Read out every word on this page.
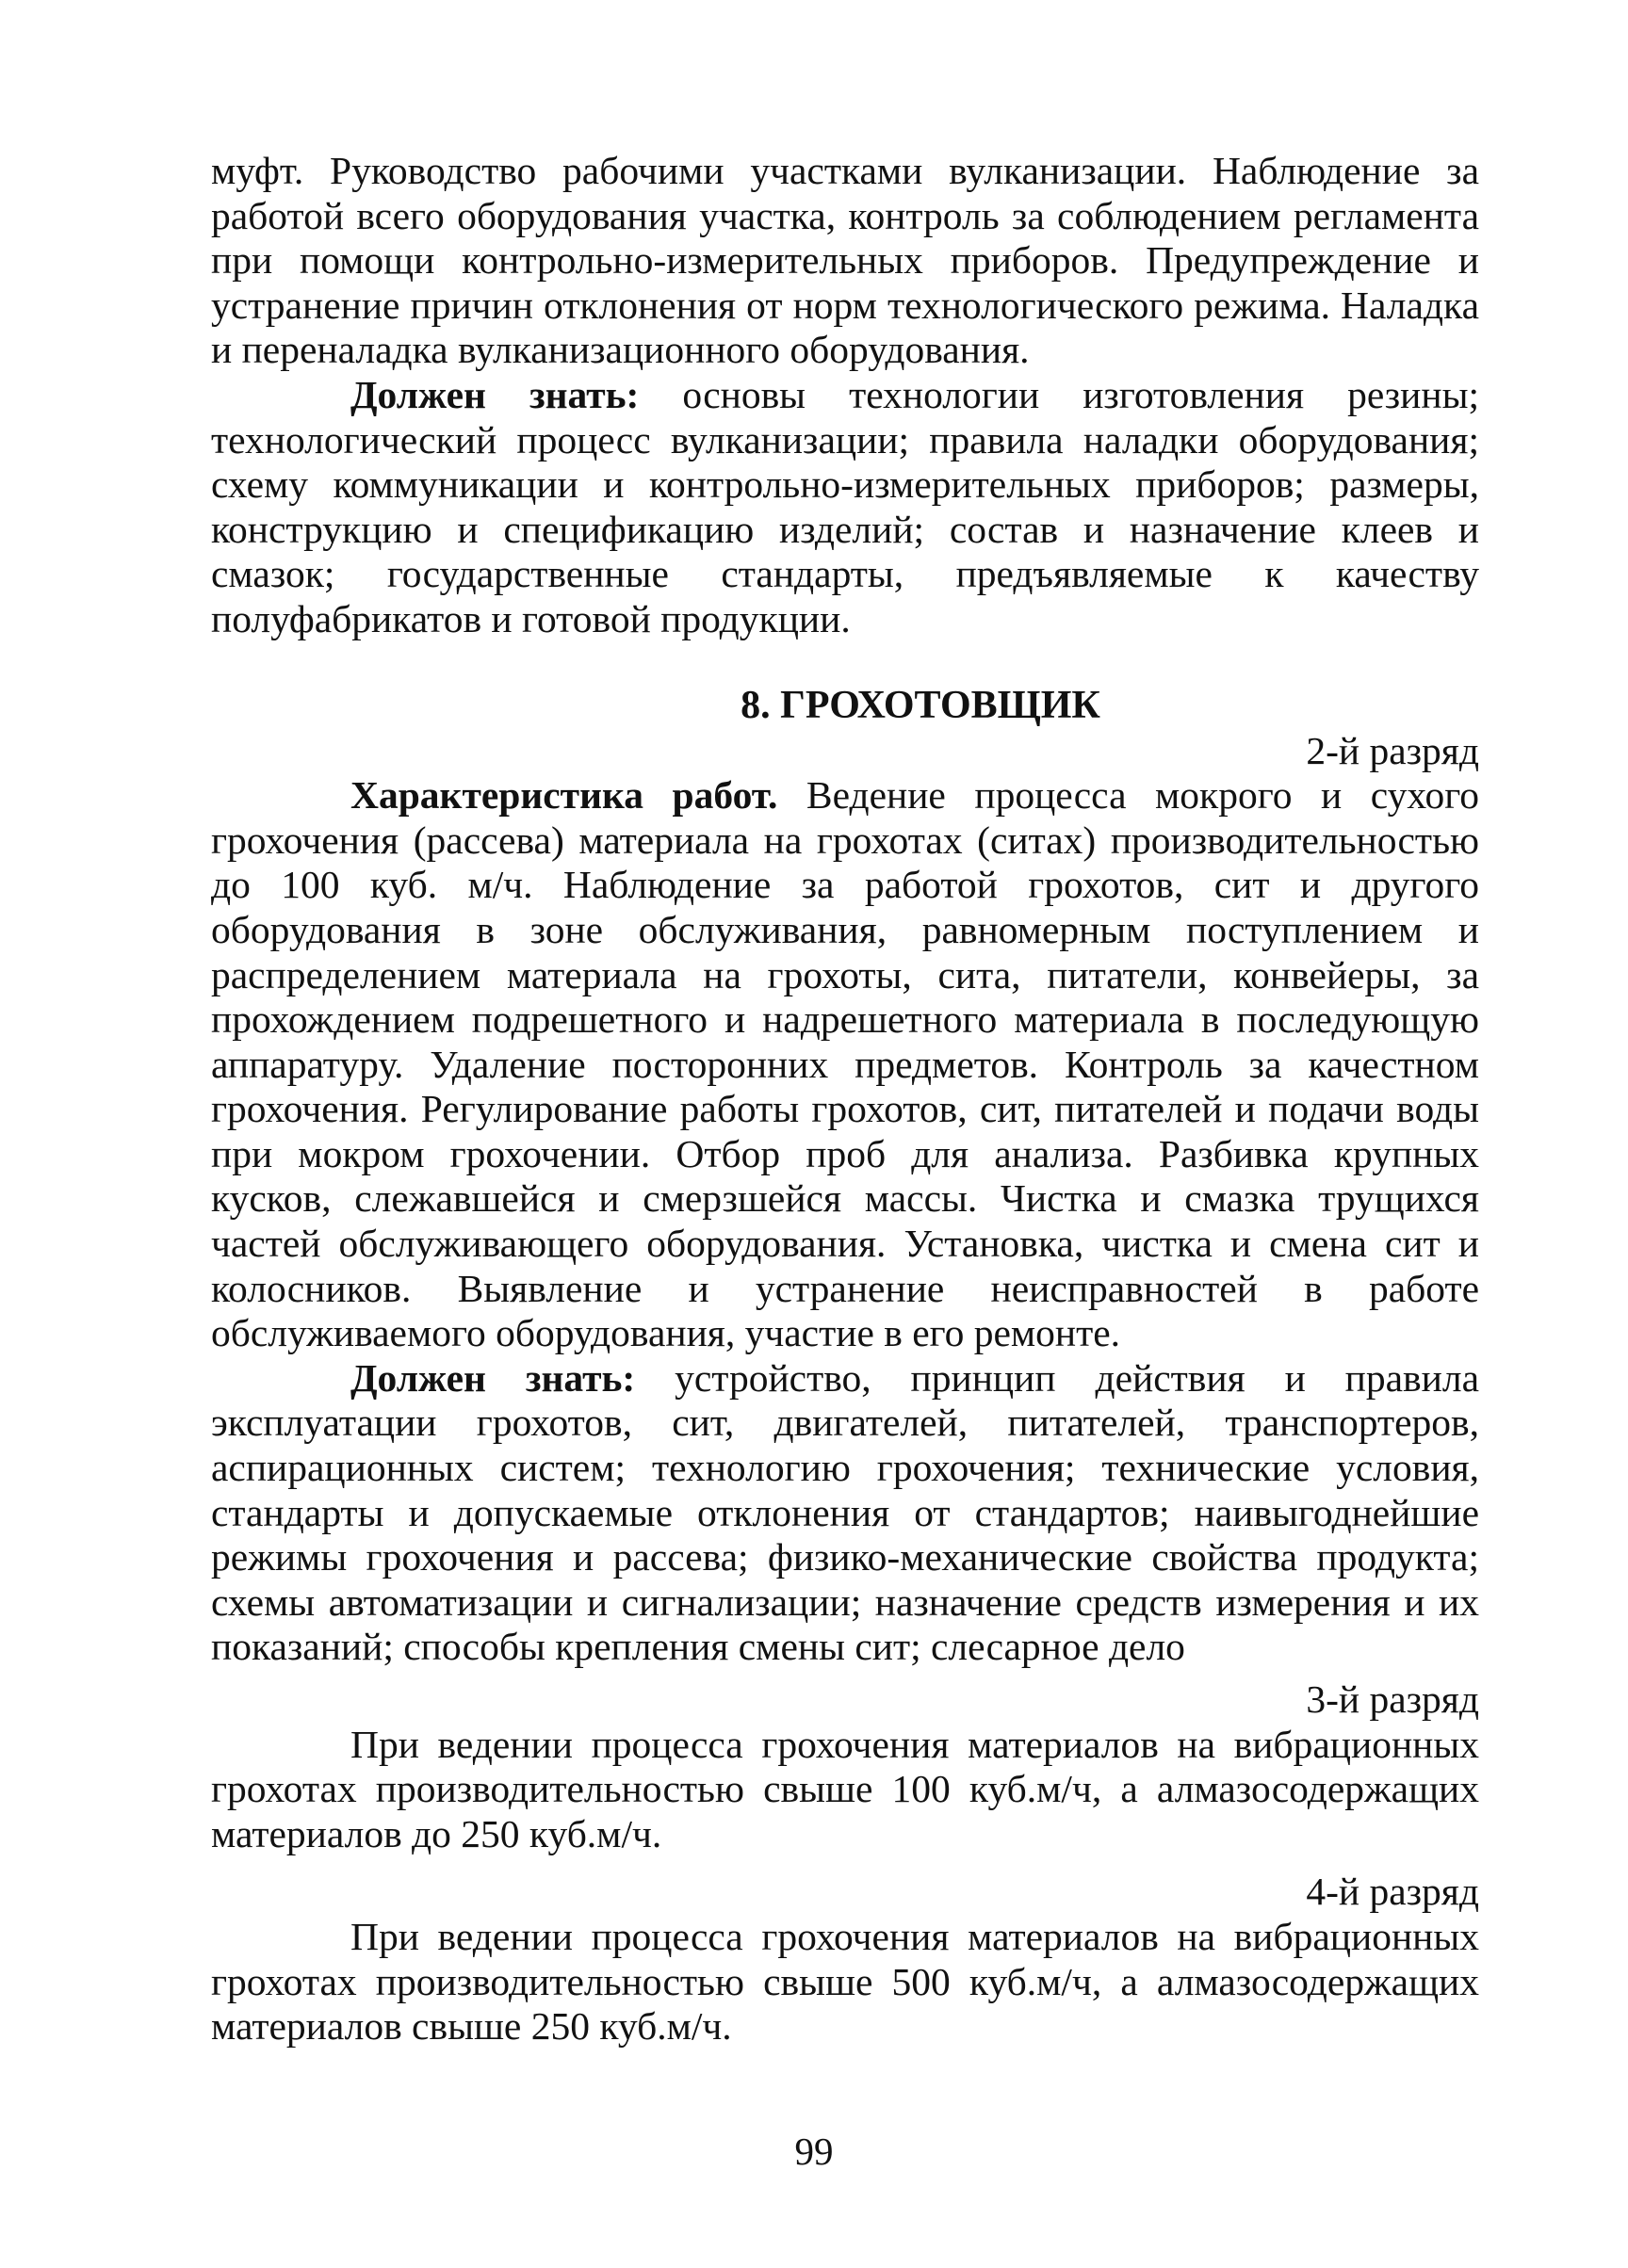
муфт. Руководство рабочими участками вулканизации. Наблюдение за работой всего оборудования участка, контроль за соблюдением регламента при помощи контрольно-измерительных приборов. Предупреждение и устранение причин отклонения от норм технологического режима. Наладка и переналадка вулканизационного оборудования.

Должен знать: основы технологии изготовления резины; технологический процесс вулканизации; правила наладки оборудования; схему коммуникации и контрольно-измерительных приборов; размеры, конструкцию и спецификацию изделий; состав и назначение клеев и смазок; государственные стандарты, предъявляемые к качеству полуфабрикатов и готовой продукции.

8. ГРОХОТОВЩИК

2-й разряд

Характеристика работ. Ведение процесса мокрого и сухого грохочения (рассева) материала на грохотах (ситах) производительностью до 100 куб. м/ч. Наблюдение за работой грохотов, сит и другого оборудования в зоне обслуживания, равномерным поступлением и распределением материала на грохоты, сита, питатели, конвейеры, за прохождением подрешетного и надрешетного материала в последующую аппаратуру. Удаление посторонних предметов. Контроль за качестном грохочения. Регулирование работы грохотов, сит, питателей и подачи воды при мокром грохочении. Отбор проб для анализа. Разбивка крупных кусков, слежавшейся и смерзшейся массы. Чистка и смазка трущихся частей обслуживающего оборудования. Установка, чистка и смена сит и колосников. Выявление и устранение неисправностей в работе обслуживаемого оборудования, участие в его ремонте.

Должен знать: устройство, принцип действия и правила эксплуатации грохотов, сит, двигателей, питателей, транспортеров, аспирационных систем; технологию грохочения; технические условия, стандарты и допускаемые отклонения от стандартов; наивыгоднейшие режимы грохочения и рассева; физико-механические свойства продукта; схемы автоматизации и сигнализации; назначение средств измерения и их показаний; способы крепления смены сит; слесарное дело

3-й разряд

При ведении процесса грохочения материалов на вибрационных грохотах производительностью свыше 100 куб.м/ч, а алмазосодержащих материалов до 250 куб.м/ч.

4-й разряд

При ведении процесса грохочения материалов на вибрационных грохотах производительностью свыше 500 куб.м/ч, а алмазосодержащих материалов свыше 250 куб.м/ч.

99
